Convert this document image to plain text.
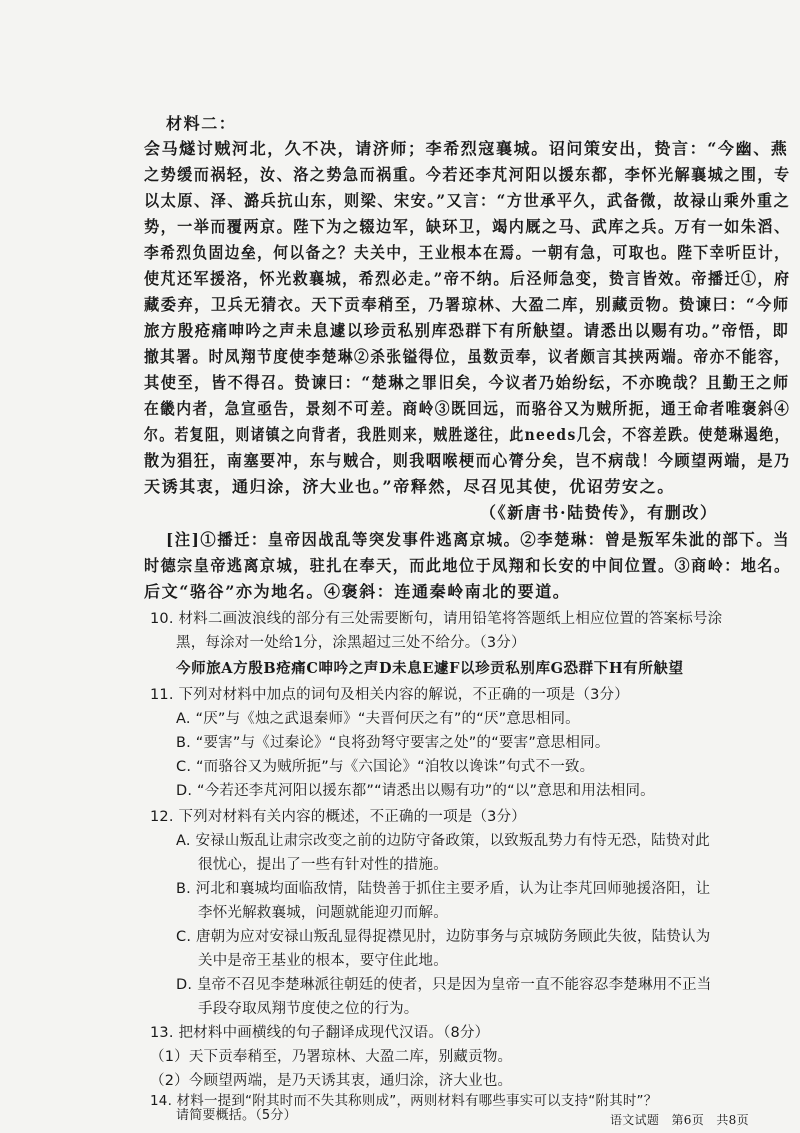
材料二：
会马燧讨贼河北，久不决，请济师；李希烈寇襄城。诏问策安出，贽言：“今幽、燕
之势缓而祸轻，汝、洛之势急而祸重。今若还李芃河阳以援东都，李怀光解襄城之围，专
以太原、泽、潞兵抗山东，则梁、宋安。”又言：“方世承平久，武备微，故禄山乘外重之
势，一举而覆两京。陛下为之辍边军，缺环卫，竭内厩之马、武库之兵。万有一如朱滔、
李希烈负固边垒，何以备之？夫关中，王业根本在焉。一朝有急，可取也。陛下幸听臣计，
使芃还军援洛，怀光救襄城，希烈必走。”帝不纳。后泾师急变，贽言皆效。帝播迁①，府
藏委弃，卫兵无猜衣。天下贡奉稍至，乃署琼林、大盈二库，别藏贡物。贽谏曰：“今师
旅方殷疮痛呻吟之声未息遽以珍贡私别库恐群下有所觖望。请悉出以赐有功。”帝悟，即
撤其署。时凤翔节度使李楚琳②杀张镒得位，虽数贡奉，议者颇言其挟两端。帝亦不能容，
其使至，皆不得召。贽谏曰：“楚琳之罪旧矣，今议者乃始纷纭，不亦晚哉？且勤王之师
在畿内者，急宣亟告，景刻不可差。商岭③既回远，而骆谷又为贼所扼，通王命者唯褒斜④
尔。若复阻，则诸镇之向背者，我胜则来，贼胜遂往，此needs几会，不容差跌。使楚琳遏绝，
散为猖狂，南塞要冲，东与贼合，则我咽喉梗而心膂分矣，岂不病哉！今顾望两端，是乃
天诱其衷，通归涂，济大业也。”帝释然，尽召见其使，优诏劳安之。
（《新唐书·陆贽传》，有删改）
[注]①播迁：皇帝因战乱等突发事件逃离京城。②李楚琳：曾是叛军朱泚的部下。当
时德宗皇帝逃离京城，驻扎在奉天，而此地位于凤翔和长安的中间位置。③商岭：地名。
后文“骆谷”亦为地名。④褒斜：连通秦岭南北的要道。
10. 材料二画波浪线的部分有三处需要断句，请用铅笔将答题纸上相应位置的答案标号涂
黑，每涂对一处给1分，涂黑超过三处不给分。（3分）
今师旅A方殷B疮痛C呻吟之声D未息E遽F以珍贡私别库G恐群下H有所觖望
11. 下列对材料中加点的词句及相关内容的解说，不正确的一项是（3分）
A. “厌”与《烛之武退秦师》“夫晋何厌之有”的“厌”意思相同。
B. “要害”与《过秦论》“良将劲弩守要害之处”的“要害”意思相同。
C. “而骆谷又为贼所扼”与《六国论》“洎牧以谗诛”句式不一致。
D. “今若还李芃河阳以援东都”“请悉出以赐有功”的“以”意思和用法相同。
12. 下列对材料有关内容的概述，不正确的一项是（3分）
A. 安禄山叛乱让肃宗改变之前的边防守备政策，以致叛乱势力有恃无恐，陆贽对此
很忧心，提出了一些有针对性的措施。
B. 河北和襄城均面临敌情，陆贽善于抓住主要矛盾，认为让李芃回师驰援洛阳，让
李怀光解救襄城，问题就能迎刃而解。
C. 唐朝为应对安禄山叛乱显得捉襟见肘，边防事务与京城防务顾此失彼，陆贽认为
关中是帝王基业的根本，要守住此地。
D. 皇帝不召见李楚琳派往朝廷的使者，只是因为皇帝一直不能容忍李楚琳用不正当
手段夺取凤翔节度使之位的行为。
13. 把材料中画横线的句子翻译成现代汉语。（8分）
（1）天下贡奉稍至，乃署琼林、大盈二库，别藏贡物。
（2）今顾望两端，是乃天诱其衷，通归涂，济大业也。
14. 材料一提到“附其时而不失其称则成”，两则材料有哪些事实可以支持“附其时”？
请简要概括。（5分）	语文试题　第6页　共8页
